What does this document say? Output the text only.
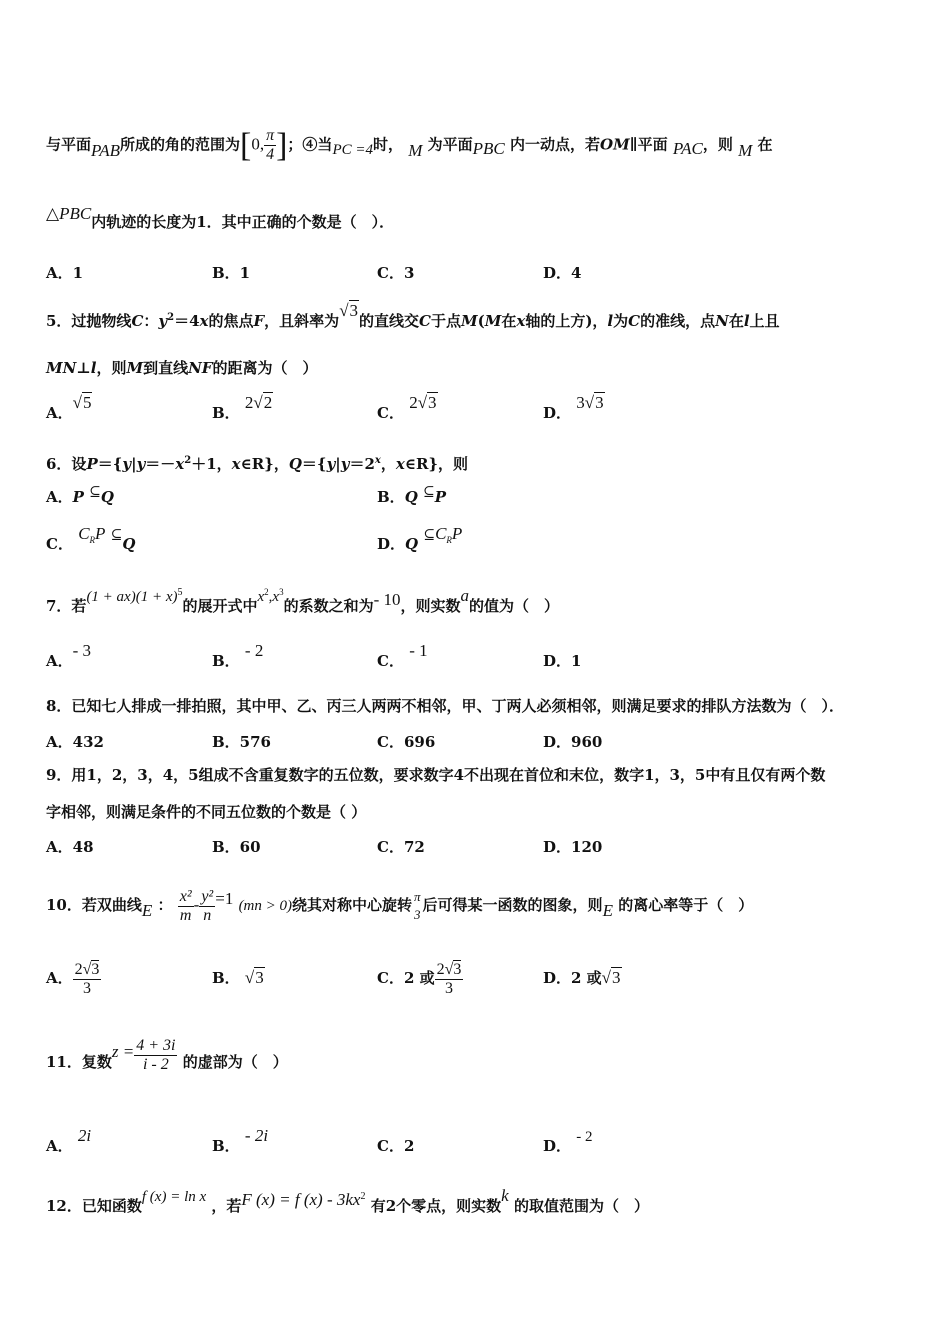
与平面PAB所成的角的范围为[0, $\frac{\pi}{4}$ ]；④当PC =4时， M 为平面PBC 内一动点，若OM∥平面 PAC，则 M 在
△PBC内轨迹的长度为1．其中正确的个数是（　）．
A．1	B．1	C．3	D．4
5．过抛物线C：$y^2=4x$的焦点F，且斜率为√3的直线交C于点M(M在x轴的上方)，l为C的准线，点N在l上且
MN⊥l，则M到直线NF的距离为（　）
A．√5
B． 2√2
C． 2√3
D． 3√3
6．设$P=\{y|y=-x^2+1$，x∈R}，$Q=\{y|y=2^x$，x∈R}，则
A．P ⊆Q	B．Q ⊆P
C． $C_RP$ ⊆Q	D．Q $⊆C_RP$
7．若$(1 + ax)(1 + x)^5$的展开式中$x^2,x^3$的系数之和为- 10，则实数a的值为（　）
A．- 3
B． - 2
C． - 1
D．1
8．已知七人排成一排拍照，其中甲、乙、丙三人两两不相邻，甲、丁两人必须相邻，则满足要求的排队方法数为（　）．
A．432	B．576	C．696	D．960
9．用1，2，3，4，5组成不含重复数字的五位数，要求数字4不出现在首位和末位，数字1，3，5中有且仅有两个数
字相邻，则满足条件的不同五位数的个数是（ ）
A．48	B．60	C．72	D．120
10．若双曲线E ： $\frac{\text{x²}}{m} - \frac{\text{y²}}{n} =1$ (mn > 0)绕其对称中心旋转 π
3
后可得某一函数的图象，则E 的离心率等于（　）
A． $\frac{2√3}{3}$	B． √3	C．2 或 $\frac{2√3}{3}$	D．2 或√3
11．复数$z = \frac{4 + 3i}{i - 2}$ 的虚部为（　）
A． 2i
B． - 2i
C．2	D． - 2
12．已知函数f (x) = ln x ，若F (x) = f $(x) - 3kx^2$ 有2个零点，则实数k 的取值范围为（　）
